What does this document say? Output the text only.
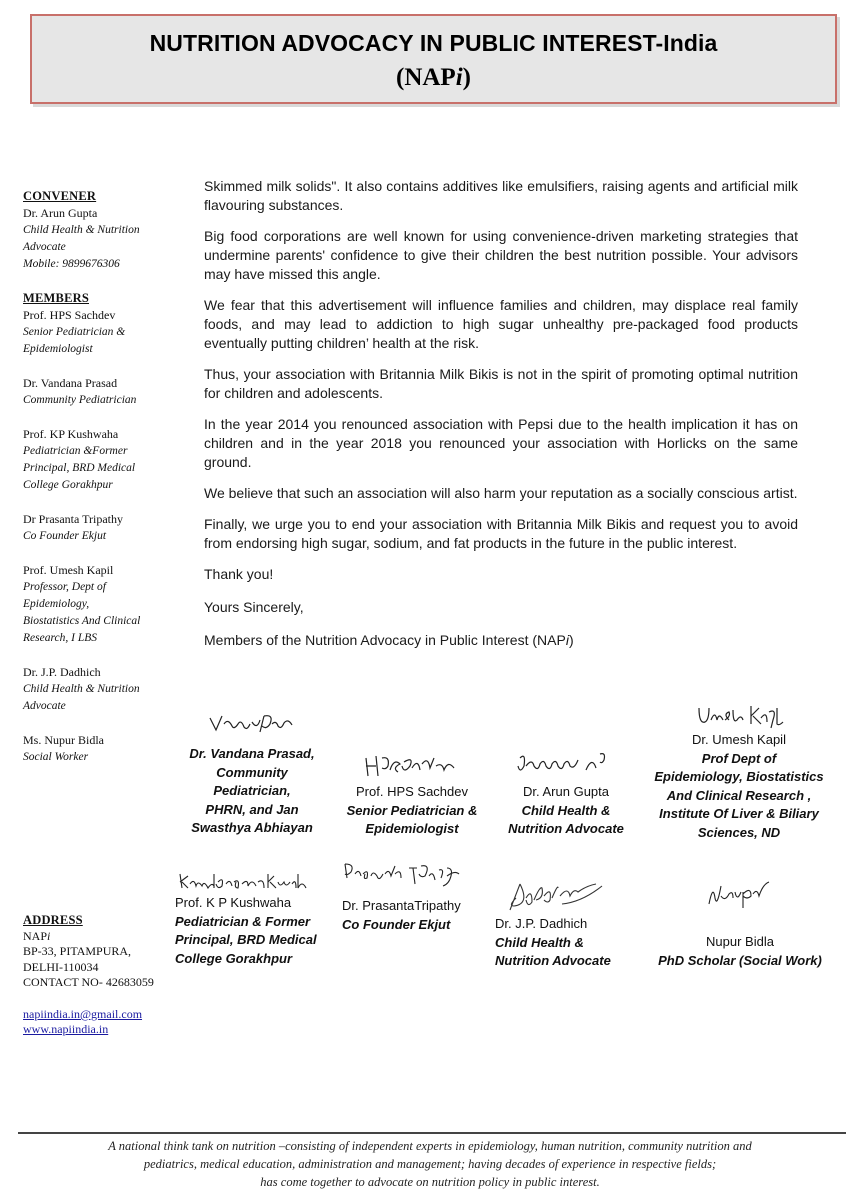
NUTRITION ADVOCACY IN PUBLIC INTEREST-India
(NAPi)
CONVENER
Dr. Arun Gupta
Child Health & Nutrition
Advocate
Mobile: 9899676306
MEMBERS
Prof. HPS Sachdev
Senior Pediatrician &
Epidemiologist
Dr. Vandana Prasad
Community Pediatrician
Prof. KP Kushwaha
Pediatrician &Former
Principal, BRD Medical
College Gorakhpur
Dr Prasanta Tripathy
Co Founder Ekjut
Prof. Umesh Kapil
Professor, Dept of
Epidemiology,
Biostatistics And Clinical
Research, I LBS
Dr. J.P. Dadhich
Child Health & Nutrition
Advocate
Ms. Nupur Bidla
Social Worker
ADDRESS
NAPi
BP-33, PITAMPURA,
DELHI-110034
CONTACT NO- 42683059
napiindia.in@gmail.com
www.napiindia.in

Skimmed milk solids". It also contains additives like emulsifiers, raising agents and artificial milk flavouring substances.

Big food corporations are well known for using convenience-driven marketing strategies that undermine parents' confidence to give their children the best nutrition possible. Your advisors may have missed this angle.

We fear that this advertisement will influence families and children, may displace real family foods, and may lead to addiction to high sugar unhealthy pre-packaged food products eventually putting children’ health at the risk.

Thus, your association with Britannia Milk Bikis is not in the spirit of promoting optimal nutrition for children and adolescents.

In the year 2014 you renounced association with Pepsi due to the health implication it has on children and in the year 2018 you renounced your association with Horlicks on the same ground.

We believe that such an association will also harm your reputation as a socially conscious artist.

Finally, we urge you to end your association with Britannia Milk Bikis and request you to avoid from endorsing high sugar, sodium, and fat products in the future in the public interest.

Thank you!

Yours Sincerely,

Members of the Nutrition Advocacy in Public Interest (NAPi)

Dr. Vandana Prasad,
Community
Pediatrician,
PHRN, and Jan
Swasthya Abhiayan
Prof. HPS Sachdev
Senior Pediatrician &
Epidemiologist
Dr. Arun Gupta
Child Health &
Nutrition Advocate
Dr. Umesh Kapil
Prof Dept of
Epidemiology, Biostatistics
And Clinical Research ,
Institute Of Liver & Biliary
Sciences, ND
Prof. K P Kushwaha
Pediatrician & Former
Principal, BRD Medical
College Gorakhpur
Dr. PrasantaTripathy
Co Founder Ekjut	Dr. J.P. Dadhich
Child Health &
Nutrition Advocate
Nupur Bidla
PhD Scholar (Social Work)
A national think tank on nutrition –consisting of independent experts in epidemiology, human nutrition, community nutrition and
pediatrics, medical education, administration and management; having decades of experience in respective fields;
has come together to advocate on nutrition policy in public interest.
